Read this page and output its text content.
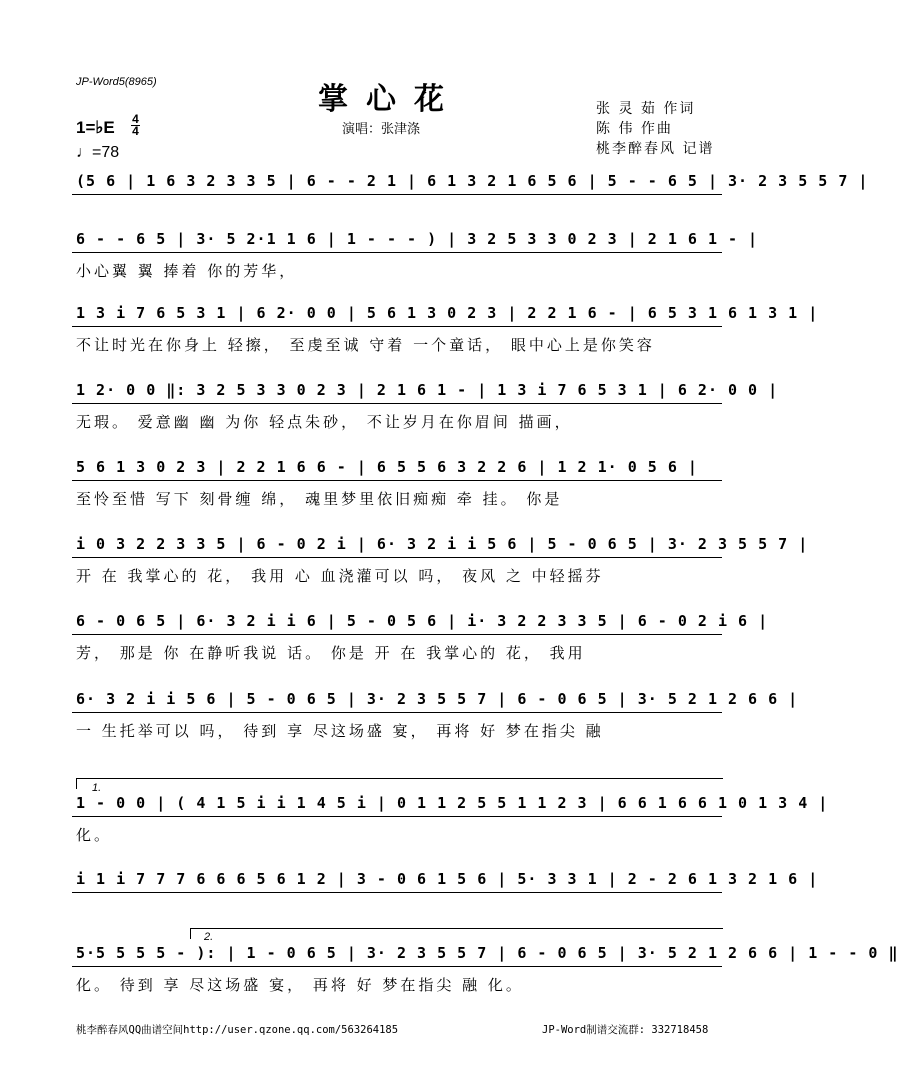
JP-Word5(8965)	掌心花
演唱：张津涤
张 灵 茹 作词
陈 伟 作曲
桃李醉春风 记谱
1=♭E 4
4
♩=78
(5 6 | 1 6 3 2 3 3 5 | 6 - - 2 1 | 6 1 3 2 1 6 5 6 | 5 - - 6 5 | 3· 2 3 5 5 7 |
6 - - 6 5 | 3· 5 2·1 1 6 | 1 - - - ) | 3 2 5 3 3 0 2 3 | 2 1 6 1 - |
小心翼 翼 捧着 你的芳华，
1 3 i 7 6 5 3 1 | 6 2· 0 0 | 5 6 1 3 0 2 3 | 2 2 1 6 - | 6 5 3 1 6 1 3 1 |
不让时光在你身上 轻擦， 至虔至诚 守着 一个童话， 眼中心上是你笑容
1 2· 0 0 ‖: 3 2 5 3 3 0 2 3 | 2 1 6 1 - | 1 3 i 7 6 5 3 1 | 6 2· 0 0 |
无瑕。 爱意幽 幽 为你 轻点朱砂， 不让岁月在你眉间 描画，
5 6 1 3 0 2 3 | 2 2 1 6 6 - | 6 5 5 6 3 2 2 6 | 1 2 1· 0 5 6 |
至怜至惜 写下 刻骨缠 绵， 魂里梦里依旧痴痴 牵 挂。 你是
i 0 3 2 2 3 3 5 | 6 - 0 2 i | 6· 3 2 i i 5 6 | 5 - 0 6 5 | 3· 2 3 5 5 7 |
开 在 我掌心的 花， 我用 心 血浇灌可以 吗， 夜风 之 中轻摇芬
6 - 0 6 5 | 6· 3 2 i i 6 | 5 - 0 5 6 | i· 3 2 2 3 3 5 | 6 - 0 2 i 6 |
芳， 那是 你 在静听我说 话。 你是 开 在 我掌心的 花， 我用
6· 3 2 i i 5 6 | 5 - 0 6 5 | 3· 2 3 5 5 7 | 6 - 0 6 5 | 3· 5 2 1 2 6 6 |
一 生托举可以 吗， 待到 享 尽这场盛 宴， 再将 好 梦在指尖 融
1 - 0 0 | ( 4 1 5 i i 1 4 5 i | 0 1 1 2 5 5 1 1 2 3 | 6 6 1 6 6 1 0 1 3 4 |
化。
i 1 i 7 7 7 6 6 6 5 6 1 2 | 3 - 0 6 1 5 6 | 5· 3 3 1 | 2 - 2 6 1 3 2 1 6 |
5·5 5 5 5 - ): | 1 - 0 6 5 | 3· 2 3 5 5 7 | 6 - 0 6 5 | 3· 5 2 1 2 6 6 | 1 - - 0 ‖
化。 待到 享 尽这场盛 宴， 再将 好 梦在指尖 融 化。
1.
2.
桃李醉春风QQ曲谱空间http://user.qzone.qq.com/563264185	JP-Word制谱交流群: 332718458
